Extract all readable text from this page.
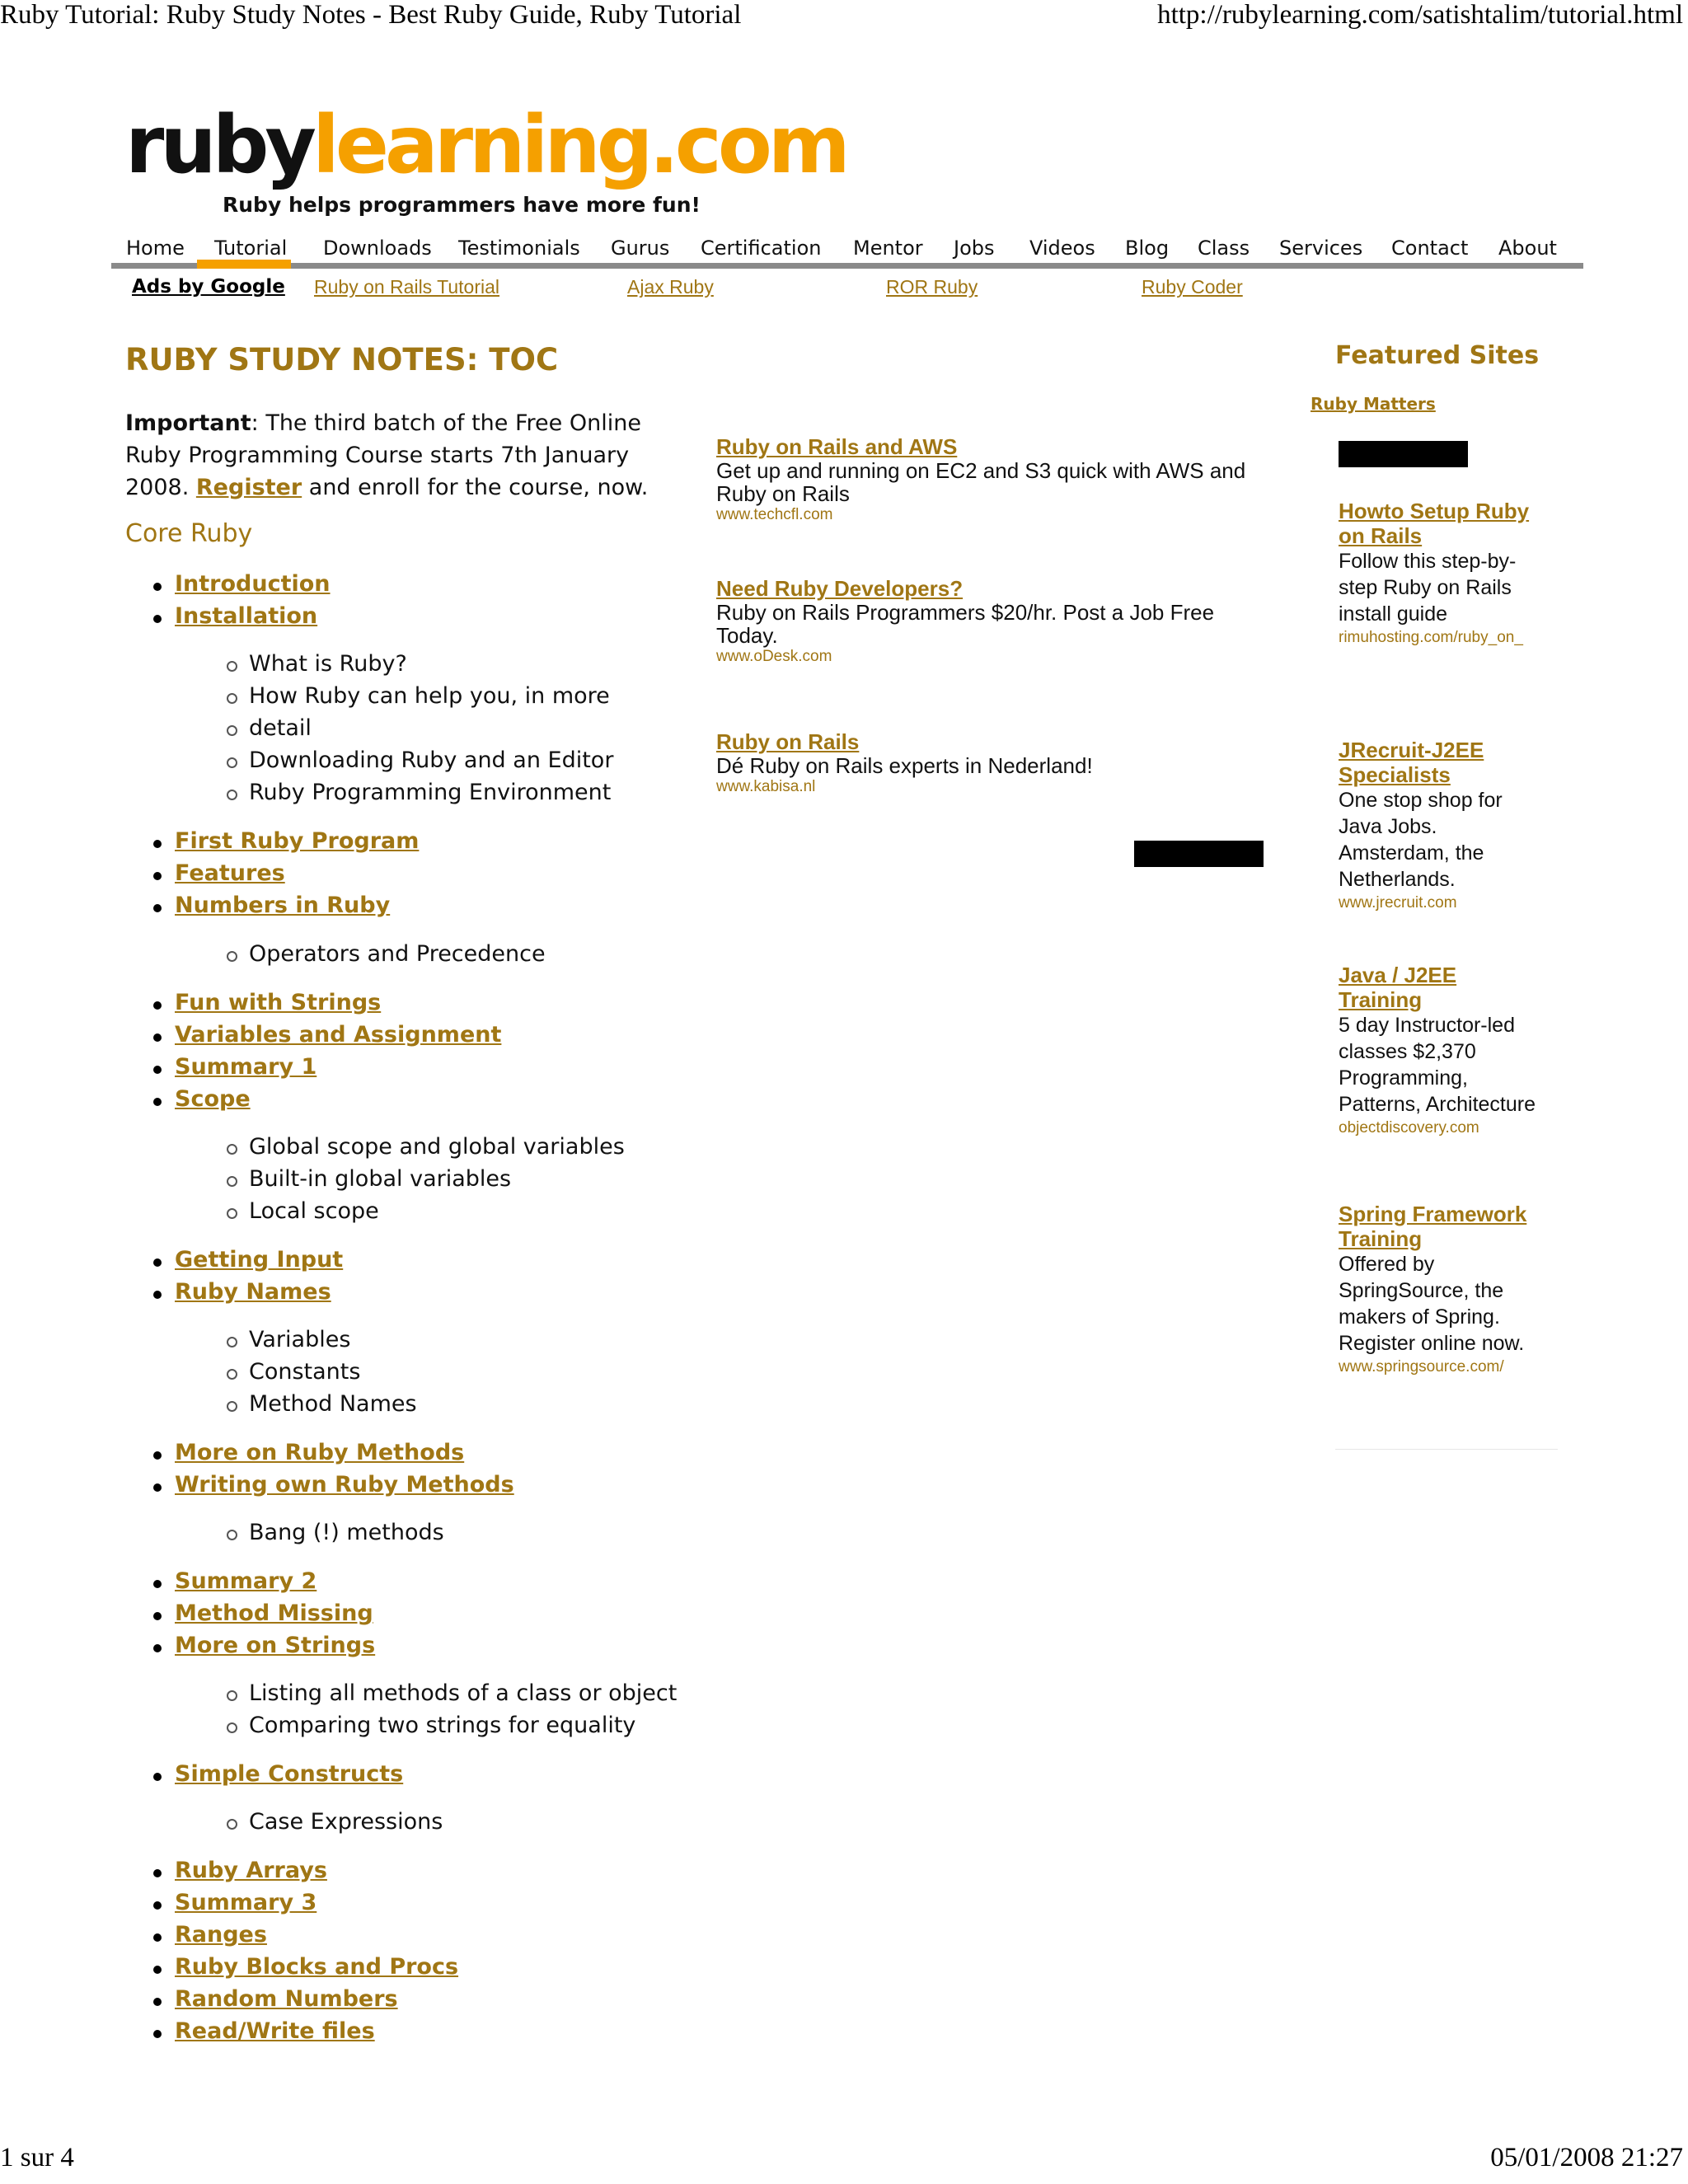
Ruby Tutorial: Ruby Study Notes - Best Ruby Guide, Ruby Tutorial	http://rubylearning.com/satishtalim/tutorial.html
rubylearning.com
Ruby helps programmers have more fun!
Home Tutorial Downloads Testimonials Gurus Certification Mentor Jobs Videos Blog Class Services Contact About
Ads by Google Ruby on Rails Tutorial	Ajax Ruby	ROR Ruby	Ruby Coder
RUBY STUDY NOTES: TOC
Important: The third batch of the Free Online Ruby Programming Course starts 7th January 2008. Register and enroll for the course, now.
Core Ruby
Introduction
Installation
What is Ruby?
How Ruby can help you, in more
detail
Downloading Ruby and an Editor
Ruby Programming Environment
First Ruby Program
Features
Numbers in Ruby
Operators and Precedence
Fun with Strings
Variables and Assignment
Summary 1
Scope
Global scope and global variables
Built-in global variables
Local scope
Getting Input
Ruby Names
Variables
Constants
Method Names
More on Ruby Methods
Writing own Ruby Methods
Bang (!) methods
Summary 2
Method Missing
More on Strings
Listing all methods of a class or object
Comparing two strings for equality
Simple Constructs
Case Expressions
Ruby Arrays
Summary 3
Ranges
Ruby Blocks and Procs
Random Numbers
Read/Write files
Ruby on Rails and AWS
Get up and running on EC2 and S3 quick with AWS and Ruby on Rails
www.techcfl.com
Need Ruby Developers?
Ruby on Rails Programmers $20/hr. Post a Job Free Today.
www.oDesk.com
Ruby on Rails
Dé Ruby on Rails experts in Nederland!
www.kabisa.nl
Featured Sites
Ruby Matters
Howto Setup Ruby on Rails
Follow this step-by-step Ruby on Rails install guide
rimuhosting.com/ruby_on_
JRecruit-J2EE Specialists
One stop shop for Java Jobs. Amsterdam, the Netherlands.
www.jrecruit.com
Java / J2EE Training
5 day Instructor-led classes $2,370 Programming, Patterns, Architecture
objectdiscovery.com
Spring Framework Training
Offered by SpringSource, the makers of Spring. Register online now.
www.springsource.com/
1 sur 4	05/01/2008 21:27
